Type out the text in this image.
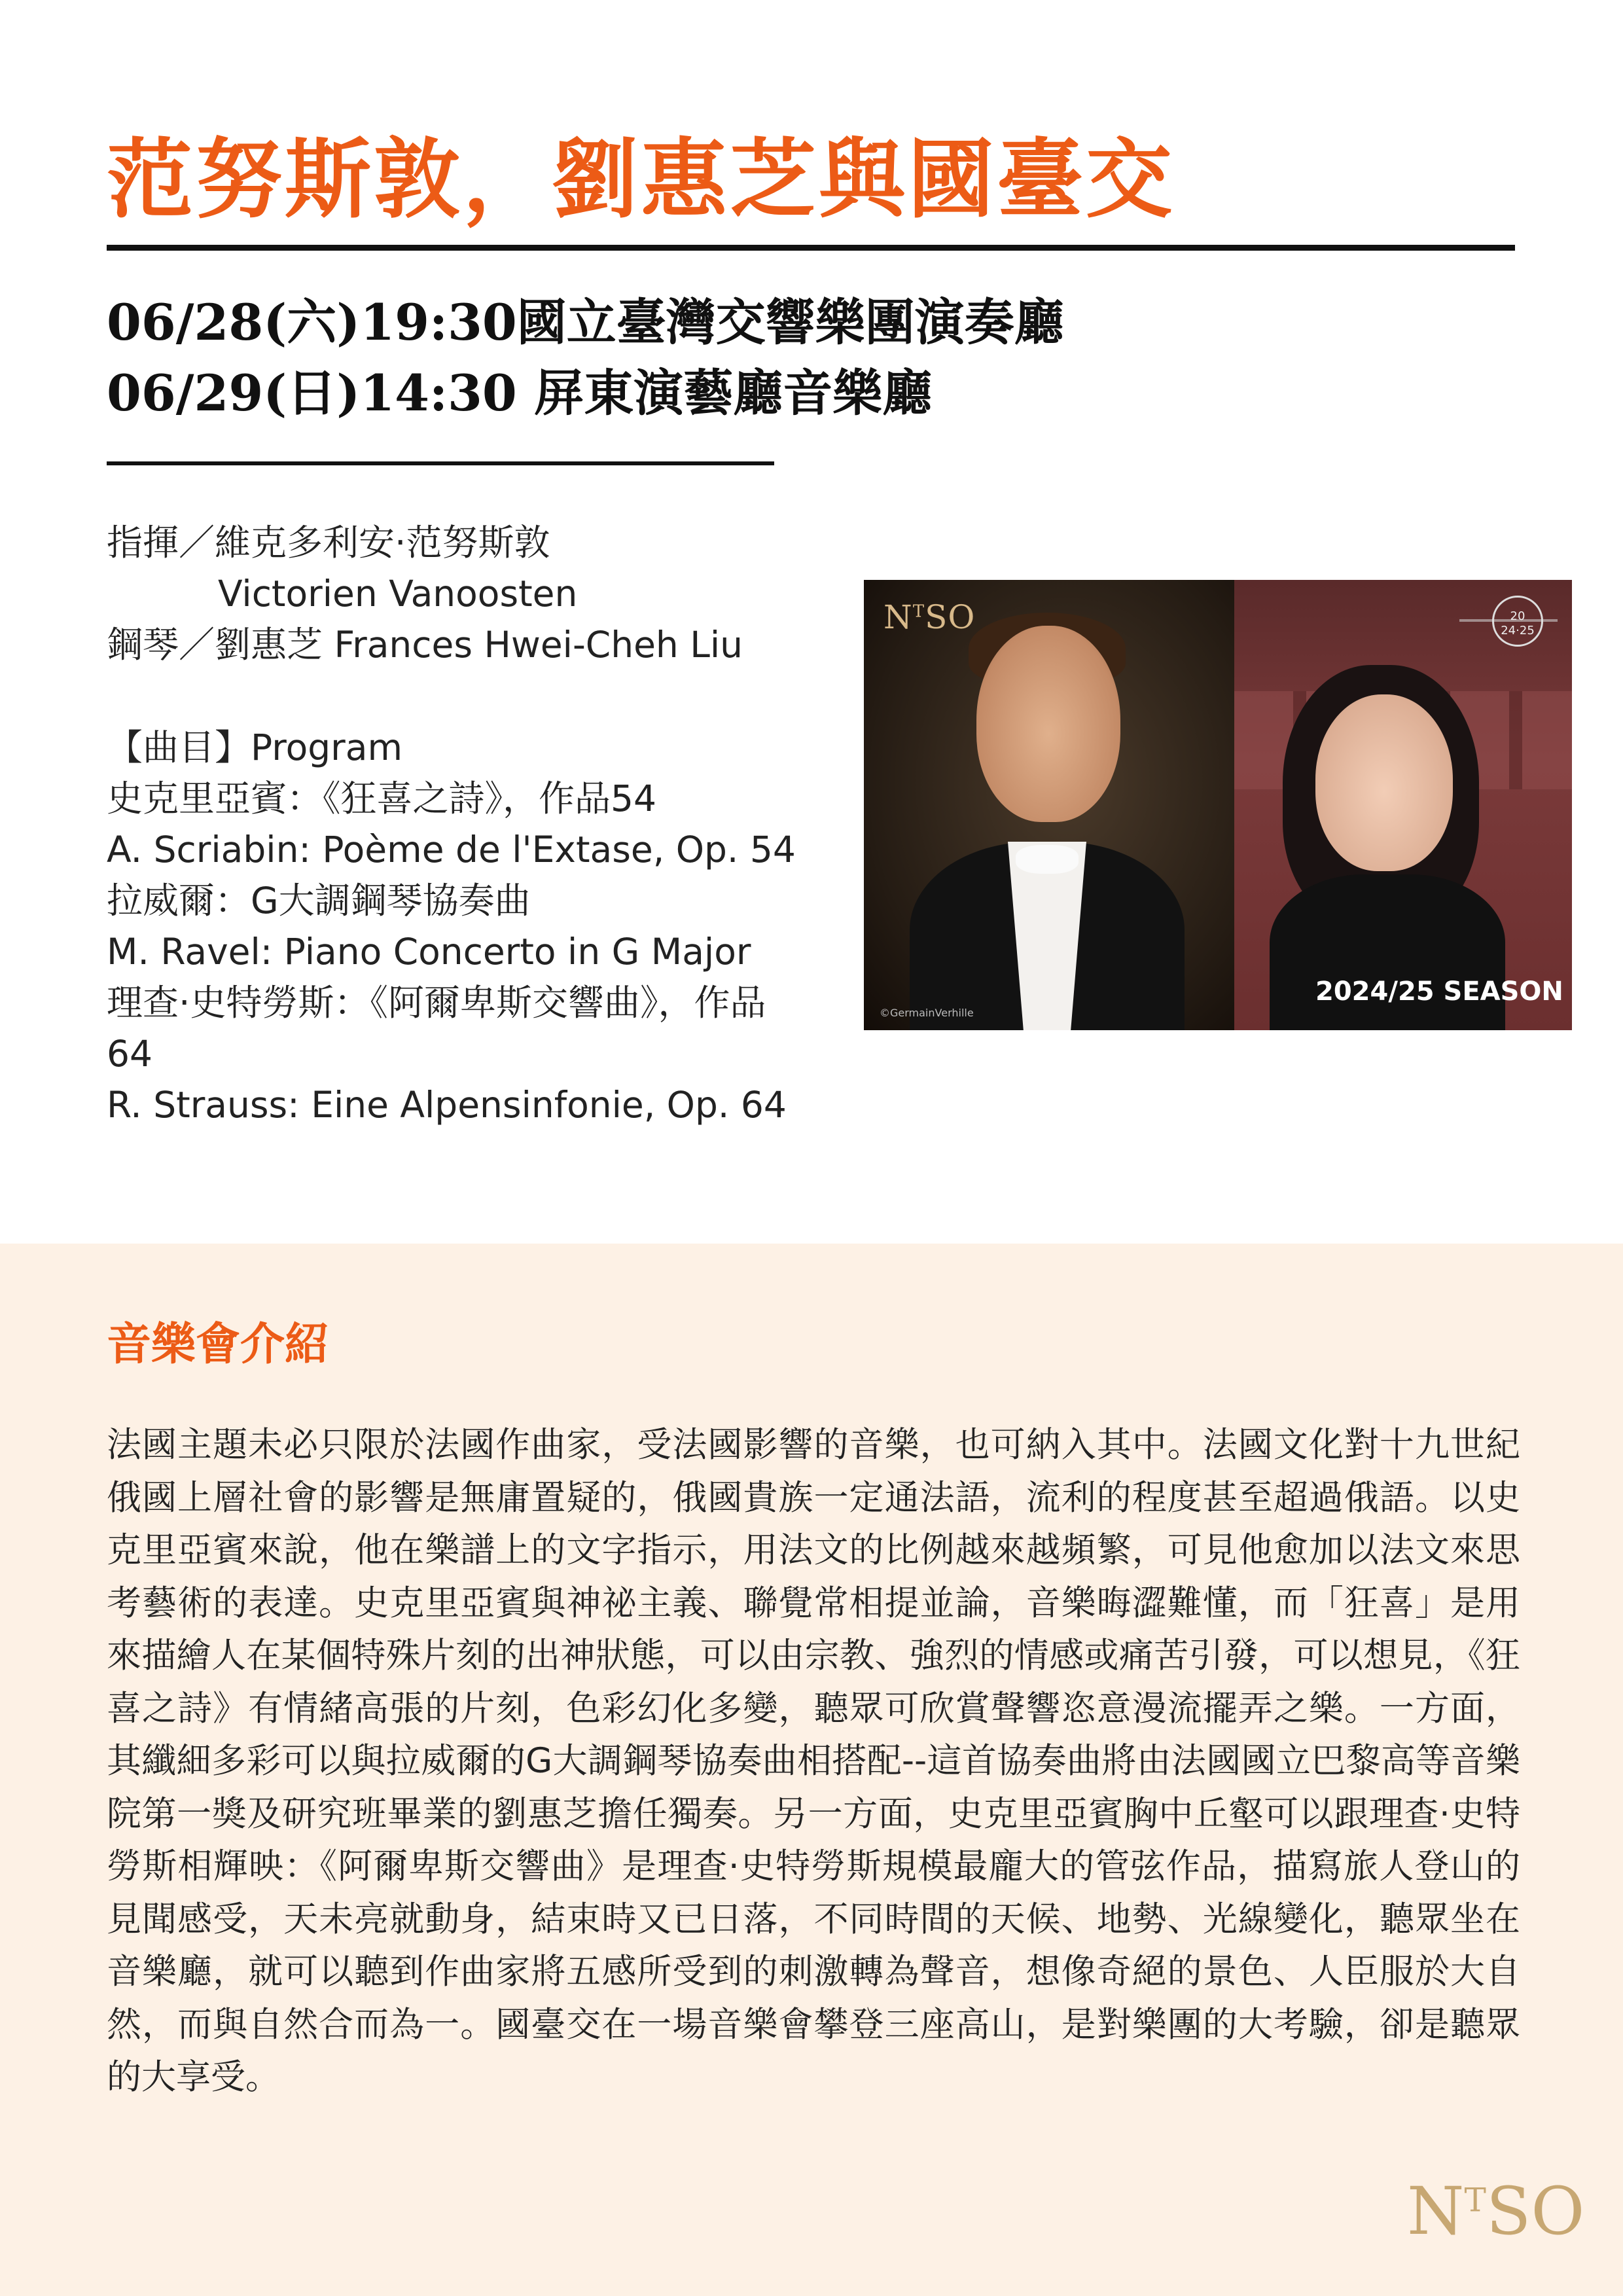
范努斯敦，劉惠芝與國臺交

06/28(六)19:30國立臺灣交響樂團演奏廳

06/29(日)14:30 屏東演藝廳音樂廳

指揮／維克多利安·范努斯敦
Victorien Vanoosten
鋼琴／劉惠芝 Frances Hwei-Cheh Liu
【曲目】Program
史克里亞賓：《狂喜之詩》，作品54
A. Scriabin: Poème de l'Extase, Op. 54
拉威爾：G大調鋼琴協奏曲
M. Ravel: Piano Concerto in G Major
理查·史特勞斯：《阿爾卑斯交響曲》，作品
64
R. Strauss: Eine Alpensinfonie, Op. 64
$N^TSO$	20
24·25
2024/25 SEASON
©GermainVerhille
音樂會介紹

法國主題未必只限於法國作曲家，受法國影響的音樂，也可納入其中。法國文化對十九世紀俄國上層社會的影響是無庸置疑的，俄國貴族一定通法語，流利的程度甚至超過俄語。以史克里亞賓來說，他在樂譜上的文字指示，用法文的比例越來越頻繁，可見他愈加以法文來思考藝術的表達。史克里亞賓與神祕主義、聯覺常相提並論，音樂晦澀難懂，而「狂喜」是用來描繪人在某個特殊片刻的出神狀態，可以由宗教、強烈的情感或痛苦引發，可以想見，《狂喜之詩》有情緒高張的片刻，色彩幻化多變，聽眾可欣賞聲響恣意漫流擺弄之樂。一方面，其纖細多彩可以與拉威爾的G大調鋼琴協奏曲相搭配--這首協奏曲將由法國國立巴黎高等音樂院第一獎及研究班畢業的劉惠芝擔任獨奏。另一方面，史克里亞賓胸中丘壑可以跟理查·史特勞斯相輝映：《阿爾卑斯交響曲》是理查·史特勞斯規模最龐大的管弦作品，描寫旅人登山的見聞感受，天未亮就動身，結束時又已日落，不同時間的天候、地勢、光線變化，聽眾坐在音樂廳，就可以聽到作曲家將五感所受到的刺激轉為聲音，想像奇絕的景色、人臣服於大自然，而與自然合而為一。國臺交在一場音樂會攀登三座高山，是對樂團的大考驗，卻是聽眾的大享受。

$N^TSO$
